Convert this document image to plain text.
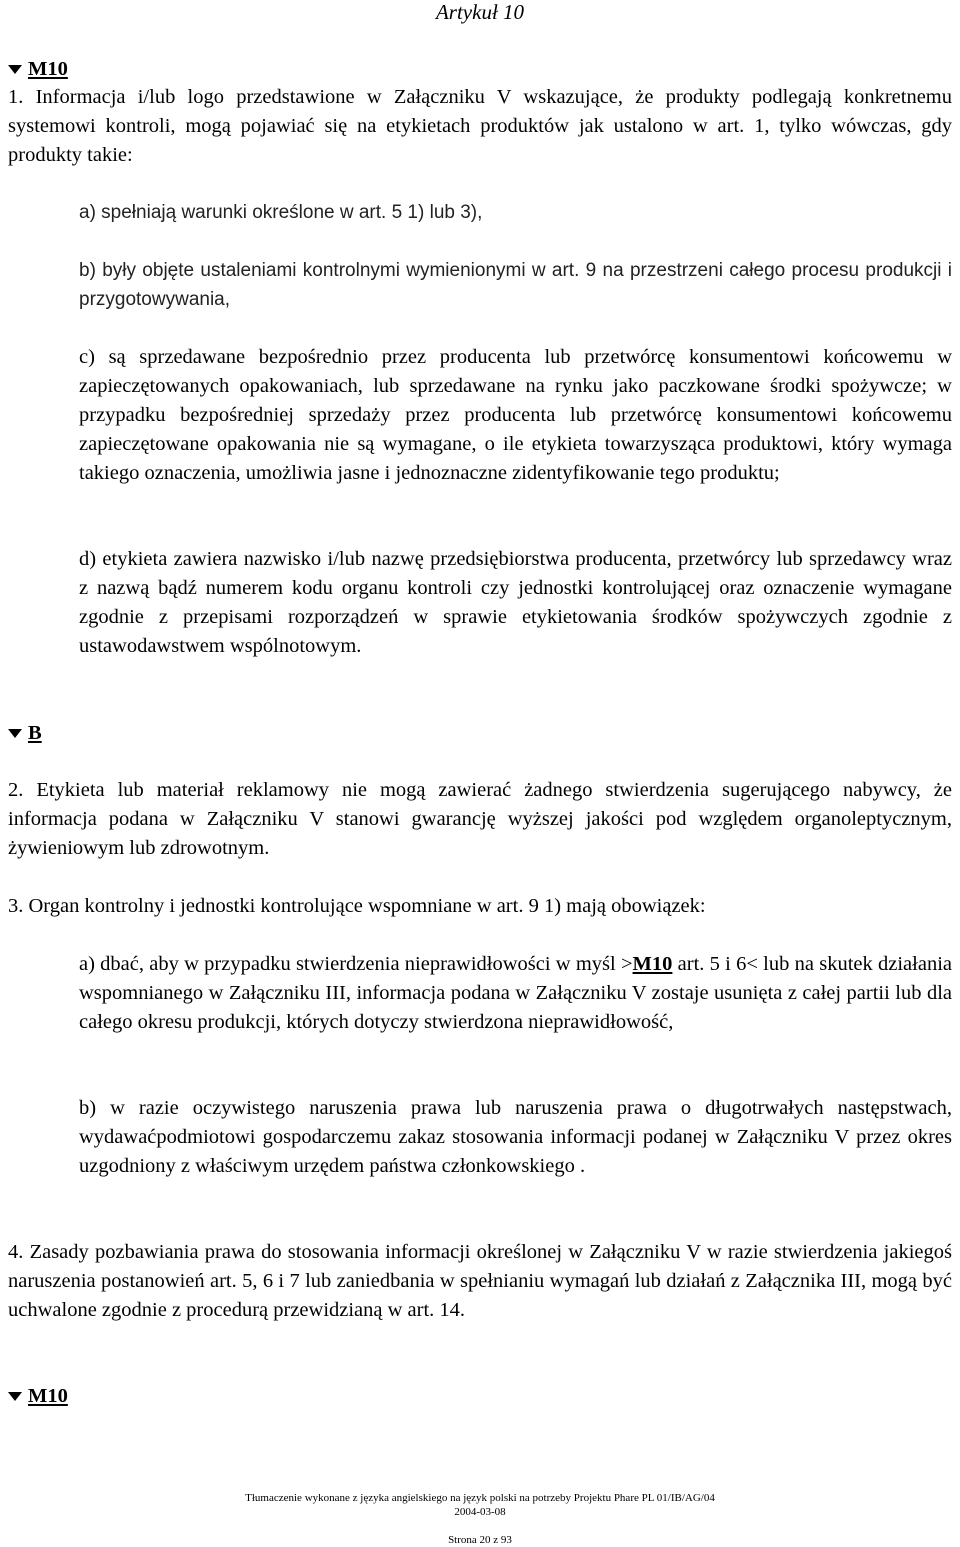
Artykuł 10
M10
1. Informacja i/lub logo przedstawione w Załączniku V wskazujące, że produkty podlegają konkretnemu systemowi kontroli, mogą pojawiać się na etykietach produktów jak ustalono w art. 1, tylko wówczas, gdy produkty takie:
a) spełniają warunki określone w art. 5 1) lub 3),
b) były objęte ustaleniami kontrolnymi wymienionymi w art. 9 na przestrzeni całego procesu produkcji i przygotowywania,
c) są sprzedawane bezpośrednio przez producenta lub przetwórcę konsumentowi końcowemu w zapieczętowanych opakowaniach, lub sprzedawane na rynku jako paczkowane środki spożywcze; w przypadku bezpośredniej sprzedaży przez producenta lub przetwórcę konsumentowi końcowemu zapieczętowane opakowania nie są wymagane, o ile etykieta towarzysząca produktowi, który wymaga takiego oznaczenia, umożliwia jasne i jednoznaczne zidentyfikowanie tego produktu;
d) etykieta zawiera nazwisko i/lub nazwę przedsiębiorstwa producenta, przetwórcy lub sprzedawcy wraz z nazwą bądź numerem kodu organu kontroli czy jednostki kontrolującej oraz oznaczenie wymagane zgodnie z przepisami rozporządzeń w sprawie etykietowania środków spożywczych zgodnie z ustawodawstwem wspólnotowym.
B
2. Etykieta lub materiał reklamowy nie mogą zawierać żadnego stwierdzenia sugerującego nabywcy, że informacja podana w Załączniku V stanowi gwarancję wyższej jakości pod względem organoleptycznym, żywieniowym lub zdrowotnym.
3. Organ kontrolny i jednostki kontrolujące wspomniane w art. 9 1) mają obowiązek:
a) dbać, aby w przypadku stwierdzenia nieprawidłowości w myśl >M10 art. 5 i 6< lub na skutek działania wspomnianego w Załączniku III, informacja podana w Załączniku V zostaje usunięta z całej partii lub dla całego okresu produkcji, których dotyczy stwierdzona nieprawidłowość,
b) w razie oczywistego naruszenia prawa lub naruszenia prawa o długotrwałych następstwach, wydawaćpodmiotowi gospodarczemu zakaz stosowania informacji podanej w Załączniku V przez okres uzgodniony z właściwym urzędem państwa członkowskiego .
4. Zasady pozbawiania prawa do stosowania informacji określonej w Załączniku V w razie stwierdzenia jakiegoś naruszenia postanowień art. 5, 6 i 7 lub zaniedbania w spełnianiu wymagań lub działań z Załącznika III, mogą być uchwalone zgodnie z procedurą przewidzianą w art. 14.
M10
Tłumaczenie wykonane z języka angielskiego na język polski na potrzeby Projektu Phare PL 01/IB/AG/04
2004-03-08
Strona 20 z 93
